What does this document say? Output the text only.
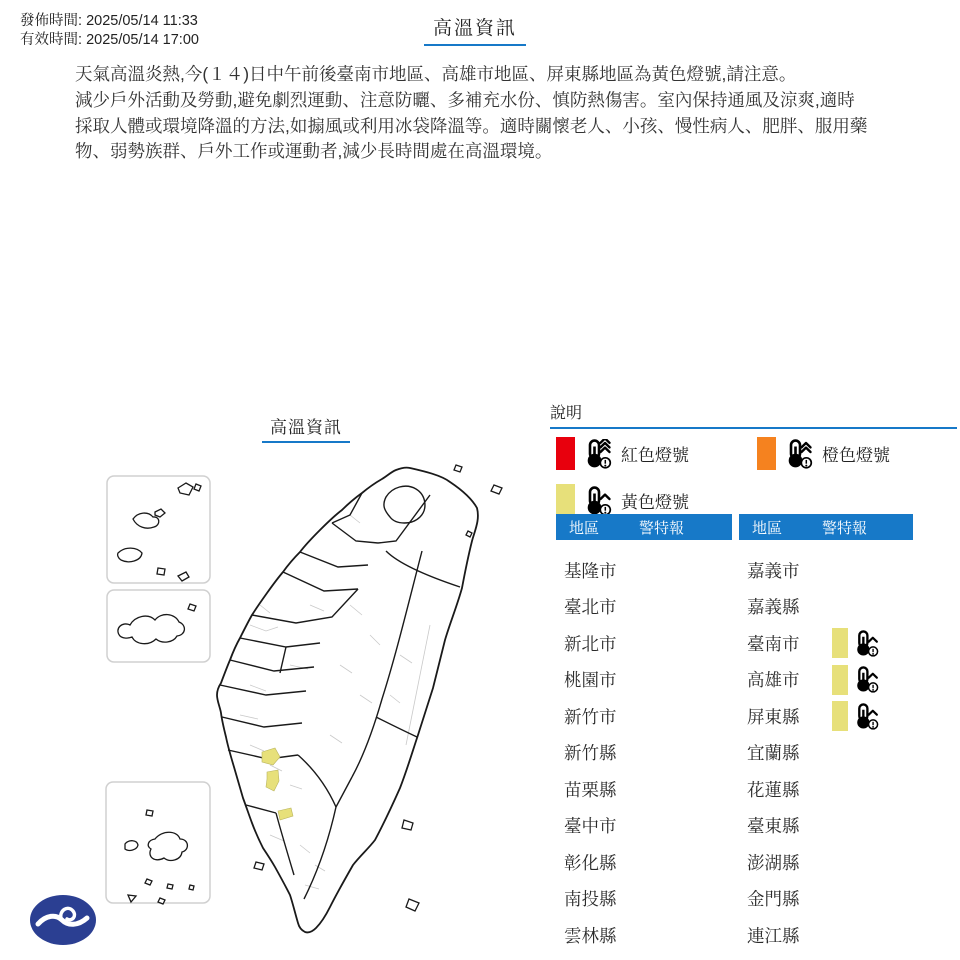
發佈時間: 2025/05/14 11:33
有效時間: 2025/05/14 17:00
高溫資訊
天氣高溫炎熱,今(１４)日中午前後臺南市地區、高雄市地區、屏東縣地區為黃色燈號,請注意。
減少戶外活動及勞動,避免劇烈運動、注意防曬、多補充水份、慎防熱傷害。室內保持通風及涼爽,適時
採取人體或環境降溫的方法,如搧風或利用冰袋降溫等。適時關懷老人、小孩、慢性病人、肥胖、服用藥
物、弱勢族群、戶外工作或運動者,減少長時間處在高溫環境。
高溫資訊
說明
紅色燈號	橙色燈號
黃色燈號
地區	警特報
基隆市
臺北市
新北市
桃園市
新竹市
新竹縣
苗栗縣
臺中市
彰化縣
南投縣
雲林縣
地區	警特報
嘉義市
嘉義縣
臺南市
高雄市
屏東縣
宜蘭縣
花蓮縣
臺東縣
澎湖縣
金門縣
連江縣
